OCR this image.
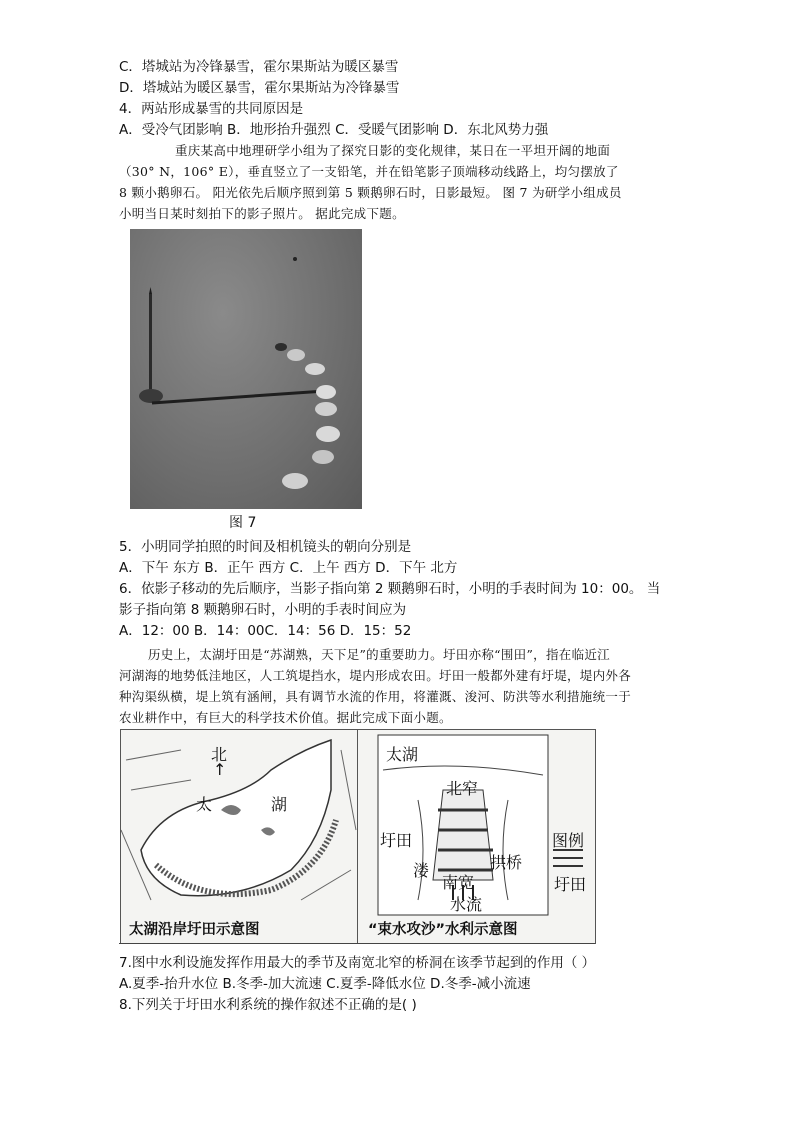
C．塔城站为冷锋暴雪，霍尔果斯站为暖区暴雪
D．塔城站为暖区暴雪，霍尔果斯站为冷锋暴雪
4．两站形成暴雪的共同原因是
A．受冷气团影响 B．地形抬升强烈 C．受暖气团影响 D．东北风势力强
重庆某高中地理研学小组为了探究日影的变化规律，某日在一平坦开阔的地面
（30° N，106° E），垂直竖立了一支铅笔，并在铅笔影子顶端移动线路上，均匀摆放了
8 颗小鹅卵石。 阳光依先后顺序照到第 5 颗鹅卵石时，日影最短。 图 7 为研学小组成员
小明当日某时刻拍下的影子照片。 据此完成下题。
图 7
5．小明同学拍照的时间及相机镜头的朝向分别是
A．下午 东方 B．正午 西方 C．上午 西方 D．下午 北方
6．依影子移动的先后顺序，当影子指向第 2 颗鹅卵石时，小明的手表时间为 10：00。 当
影子指向第 8 颗鹅卵石时，小明的手表时间应为
A．12：00 B．14：00C．14：56 D．15：52
历史上，太湖圩田是“苏湖熟，天下足”的重要助力。圩田亦称“围田”，指在临近江
河湖海的地势低洼地区，人工筑堤挡水，堤内形成农田。圩田一般都外建有圩堤，堤内外各
种沟渠纵横，堤上筑有涵闸，具有调节水流的作用，将灌溉、浚河、防洪等水利措施统一于
农业耕作中，有巨大的科学技术价值。据此完成下面小题。
北
↑
太	湖
太湖沿岸圩田示意图
太湖
北窄
圩田
溇	拱桥
南宽
水流
图例
圩田
“束水攻沙”水利示意图
7.图中水利设施发挥作用最大的季节及南宽北窄的桥洞在该季节起到的作用（ ）
A.夏季-抬升水位 B.冬季-加大流速 C.夏季-降低水位 D.冬季-减小流速
8.下列关于圩田水利系统的操作叙述不正确的是( )
